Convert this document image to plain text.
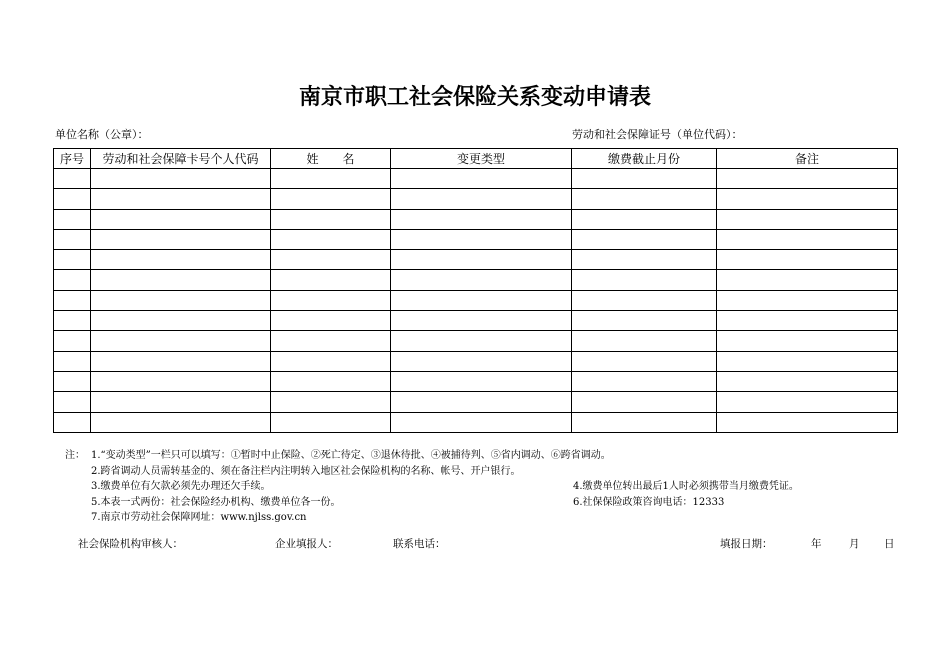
南京市职工社会保险关系变动申请表
单位名称（公章）：	劳动和社会保障证号（单位代码）：
序号	劳动和社会保障卡号个人代码	姓　　名	变更类型	缴费截止月份	备注

注： 1.“变动类型”一栏只可以填写：①暂时中止保险、②死亡待定、③退休待批、④被捕待判、⑤省内调动、⑥跨省调动。
2.跨省调动人员需转基金的、须在备注栏内注明转入地区社会保险机构的名称、帐号、开户银行。
3.缴费单位有欠款必须先办理还欠手续。	4.缴费单位转出最后1人时必须携带当月缴费凭证。
5.本表一式两份：社会保险经办机构、缴费单位各一份。	6.社保保险政策咨询电话：12333
7.南京市劳动社会保障网址：www.njlss.gov.cn
社会保险机构审核人：	企业填报人：	联系电话：	填报日期：	年	月 日
